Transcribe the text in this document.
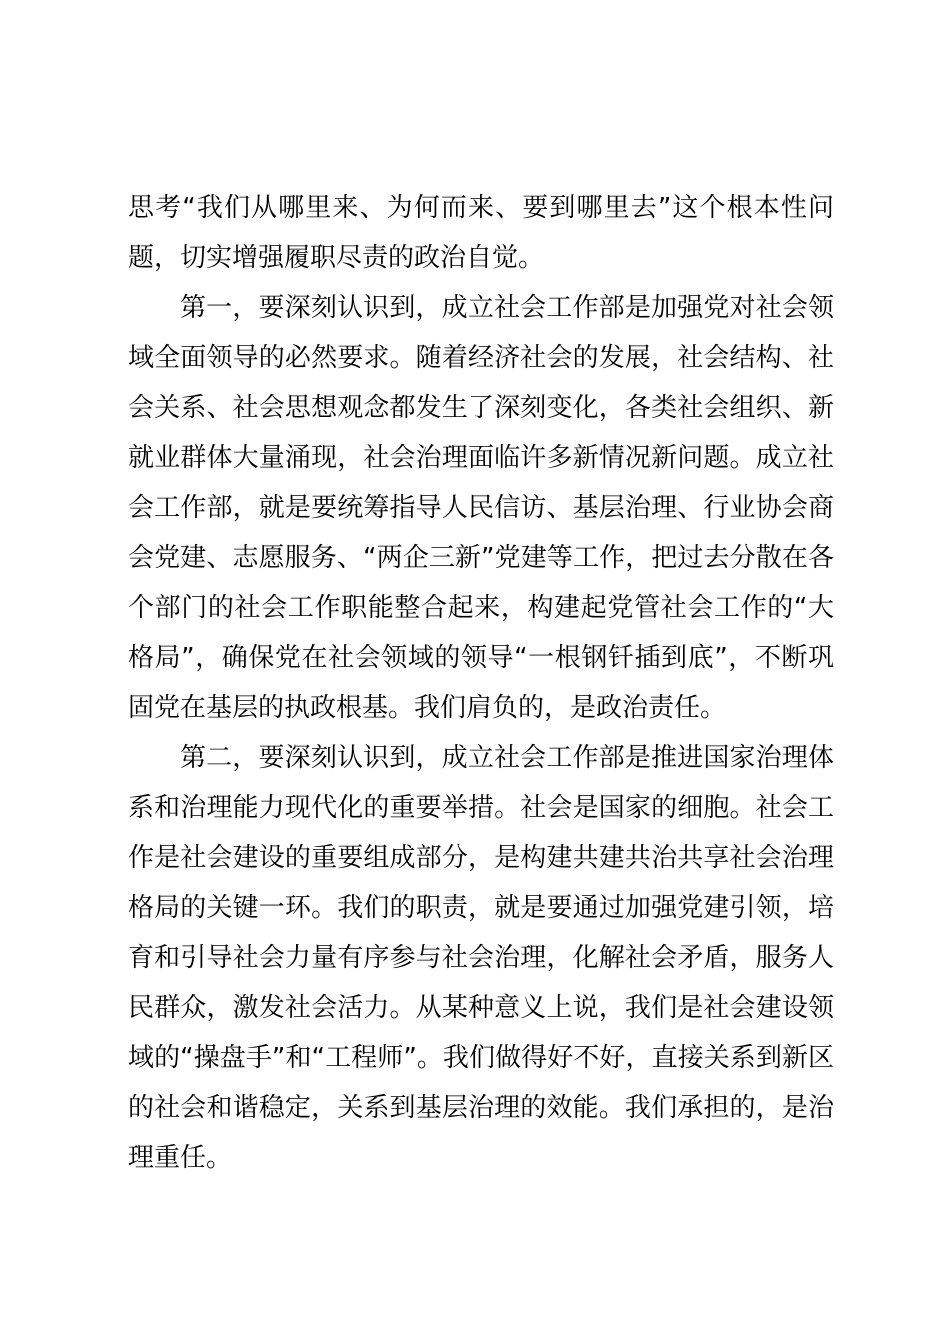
思考“我们从哪里来、为何而来、要到哪里去”这个根本性问题，切实增强履职尽责的政治自觉。

第一，要深刻认识到，成立社会工作部是加强党对社会领域全面领导的必然要求。随着经济社会的发展，社会结构、社会关系、社会思想观念都发生了深刻变化，各类社会组织、新就业群体大量涌现，社会治理面临许多新情况新问题。成立社会工作部，就是要统筹指导人民信访、基层治理、行业协会商会党建、志愿服务、“两企三新”党建等工作，把过去分散在各个部门的社会工作职能整合起来，构建起党管社会工作的“大格局”，确保党在社会领域的领导“一根钢钎插到底”，不断巩固党在基层的执政根基。我们肩负的，是政治责任。

第二，要深刻认识到，成立社会工作部是推进国家治理体系和治理能力现代化的重要举措。社会是国家的细胞。社会工作是社会建设的重要组成部分，是构建共建共治共享社会治理格局的关键一环。我们的职责，就是要通过加强党建引领，培育和引导社会力量有序参与社会治理，化解社会矛盾，服务人民群众，激发社会活力。从某种意义上说，我们是社会建设领域的“操盘手”和“工程师”。我们做得好不好，直接关系到新区的社会和谐稳定，关系到基层治理的效能。我们承担的，是治理重任。
